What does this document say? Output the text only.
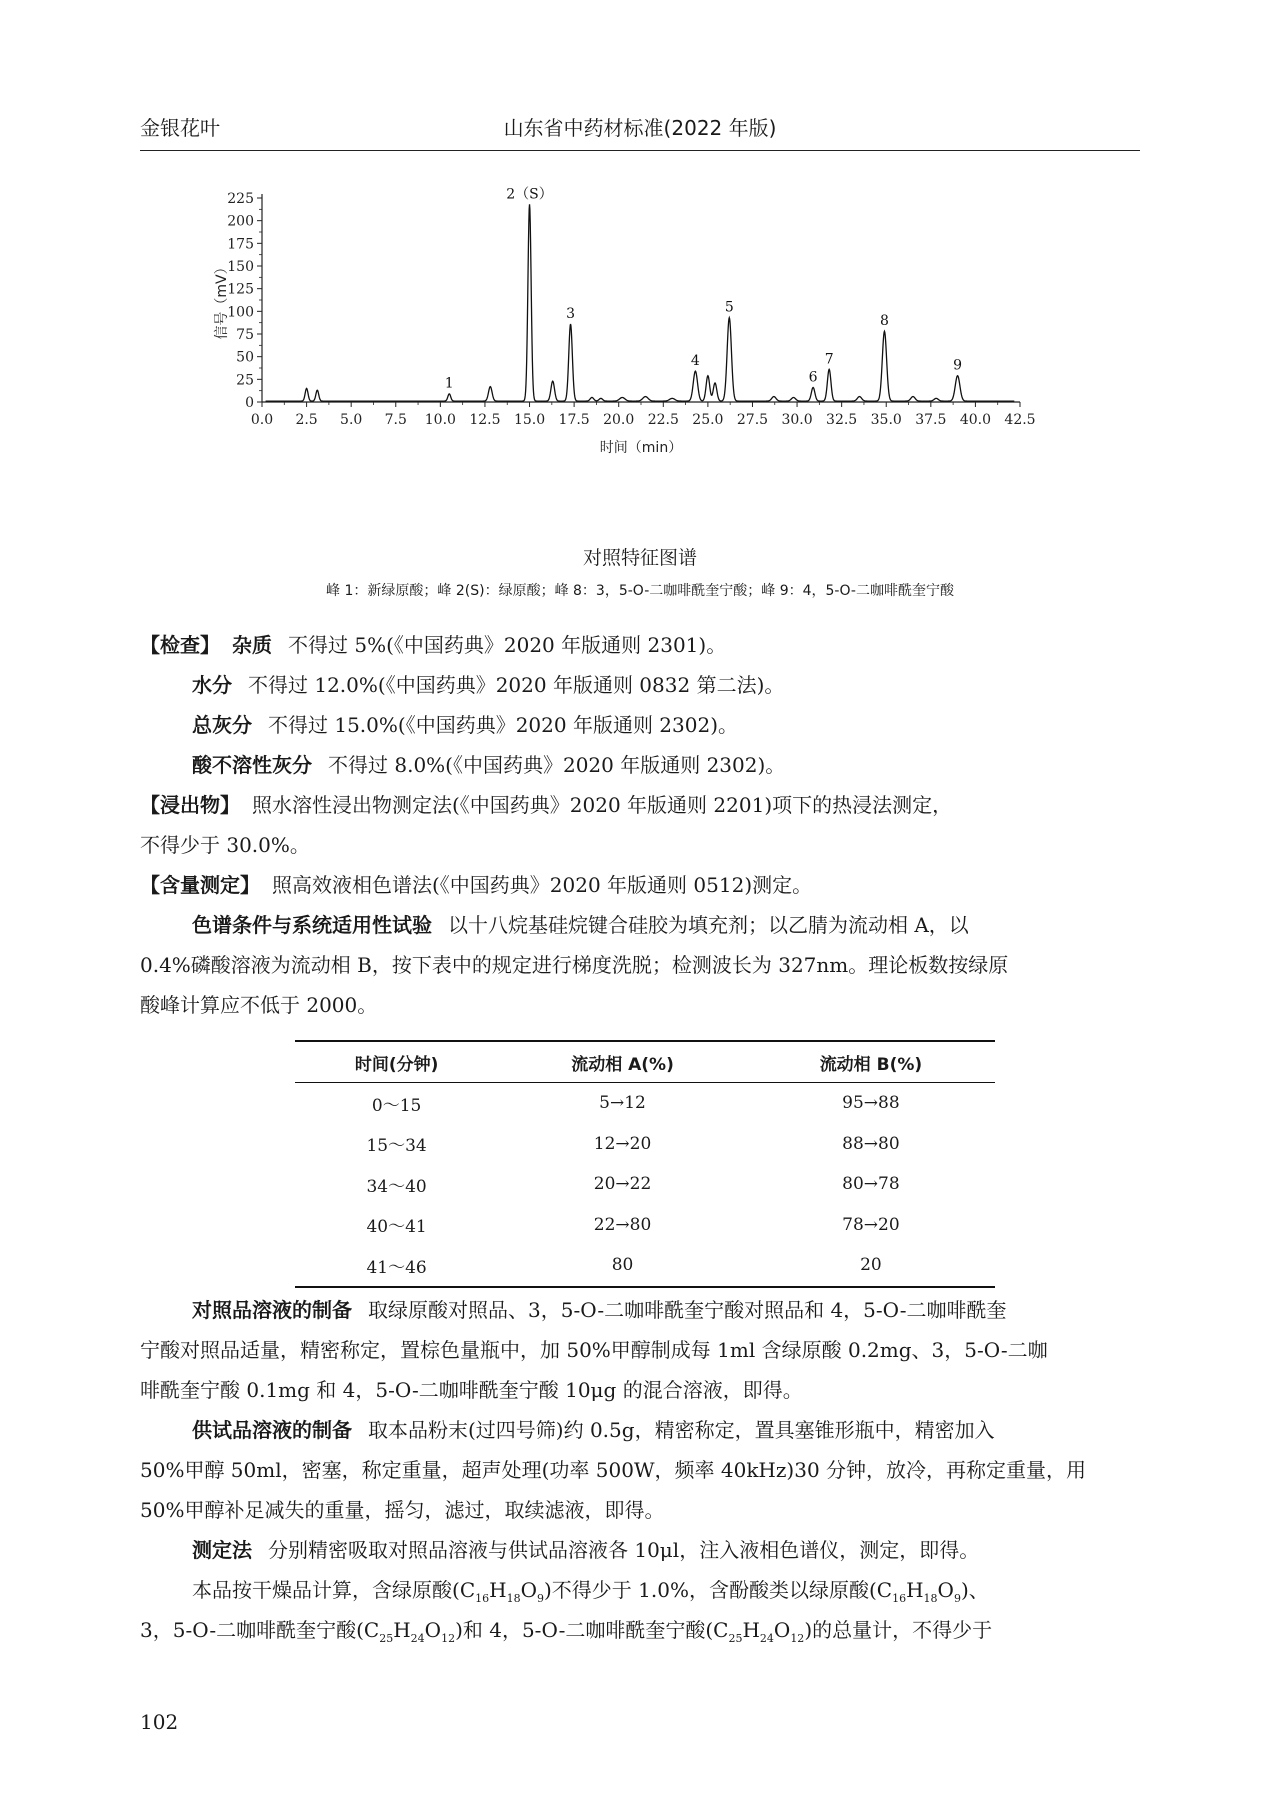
金银花叶	山东省中药材标准(2022 年版)
0.0 2.5 5.0 7.5 10.0 12.5 15.0 17.5 20.0 22.5 25.0 27.5 30.0 32.5 35.0 37.5 40.0 42.5
0
25
50
75
100
125
150
175
200
225
时间（min）
信号（mV）
1
2（S）
3
4
5
6
7
8
9
对照特征图谱
峰 1：新绿原酸；峰 2(S)：绿原酸；峰 8：3，5-O-二咖啡酰奎宁酸；峰 9：4，5-O-二咖啡酰奎宁酸
【检查】 杂质 不得过 5%(《中国药典》2020 年版通则 2301)。
水分 不得过 12.0%(《中国药典》2020 年版通则 0832 第二法)。
总灰分 不得过 15.0%(《中国药典》2020 年版通则 2302)。
酸不溶性灰分 不得过 8.0%(《中国药典》2020 年版通则 2302)。
【浸出物】 照水溶性浸出物测定法(《中国药典》2020 年版通则 2201)项下的热浸法测定，
不得少于 30.0%。
【含量测定】 照高效液相色谱法(《中国药典》2020 年版通则 0512)测定。
色谱条件与系统适用性试验 以十八烷基硅烷键合硅胶为填充剂；以乙腈为流动相 A，以
0.4%磷酸溶液为流动相 B，按下表中的规定进行梯度洗脱；检测波长为 327nm。理论板数按绿原
酸峰计算应不低于 2000。
时间(分钟)	流动相 A(%)	流动相 B(%)
0～15	5→12	95→88
15～34	12→20	88→80
34～40	20→22	80→78
40～41	22→80	78→20
41～46	80	20
对照品溶液的制备 取绿原酸对照品、3，5-O-二咖啡酰奎宁酸对照品和 4，5-O-二咖啡酰奎
宁酸对照品适量，精密称定，置棕色量瓶中，加 50%甲醇制成每 1ml 含绿原酸 0.2mg、3，5-O-二咖
啡酰奎宁酸 0.1mg 和 4，5-O-二咖啡酰奎宁酸 10μg 的混合溶液，即得。
供试品溶液的制备 取本品粉末(过四号筛)约 0.5g，精密称定，置具塞锥形瓶中，精密加入
50%甲醇 50ml，密塞，称定重量，超声处理(功率 500W，频率 40kHz)30 分钟，放冷，再称定重量，用
50%甲醇补足减失的重量，摇匀，滤过，取续滤液，即得。
测定法 分别精密吸取对照品溶液与供试品溶液各 10μl，注入液相色谱仪，测定，即得。
本品按干燥品计算，含绿原酸$(C_{16}H_{18}O_9)$不得少于 1.0%，含酚酸类以绿原酸$(C_{16}H_{18}O_9)$、
3，5-O-二咖啡酰奎宁酸$(C_{25}H_{24}O_{12})$和 4，5-O-二咖啡酰奎宁酸$(C_{25}H_{24}O_{12})$的总量计，不得少于
102
